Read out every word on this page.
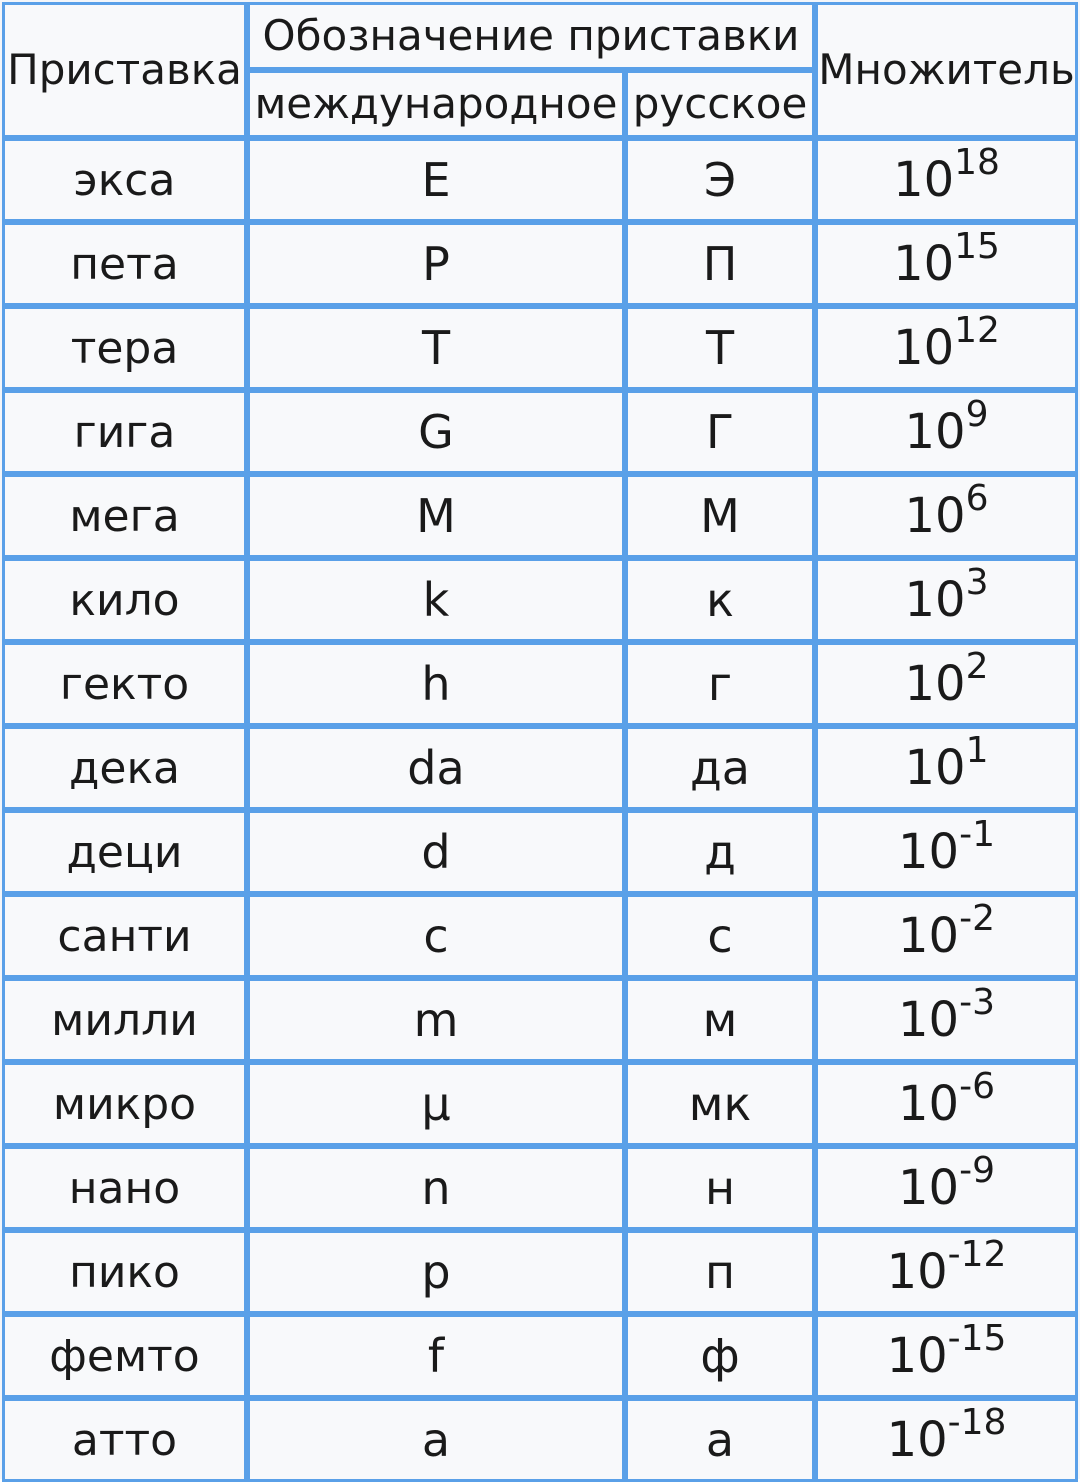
Приставка	Обозначение приставки		Множитель
	международное	русское	
экса	E	Э	$10^{18}$
пета	P	П	$10^{15}$
тера	T	Т	$10^{12}$
гига	G	Г	$10^9$
мега	M	М	$10^6$
кило	k	к	$10^3$
гекто	h	г	$10^2$
дека	da	да	$10^1$
деци	d	д	$10^{-1}$
санти	c	с	$10^{-2}$
милли	m	м	$10^{-3}$
микро	μ	мк	$10^{-6}$
нано	n	н	$10^{-9}$
пико	p	п	$10^{-12}$
фемто	f	ф	$10^{-15}$
атто	a	а	$10^{-18}$
